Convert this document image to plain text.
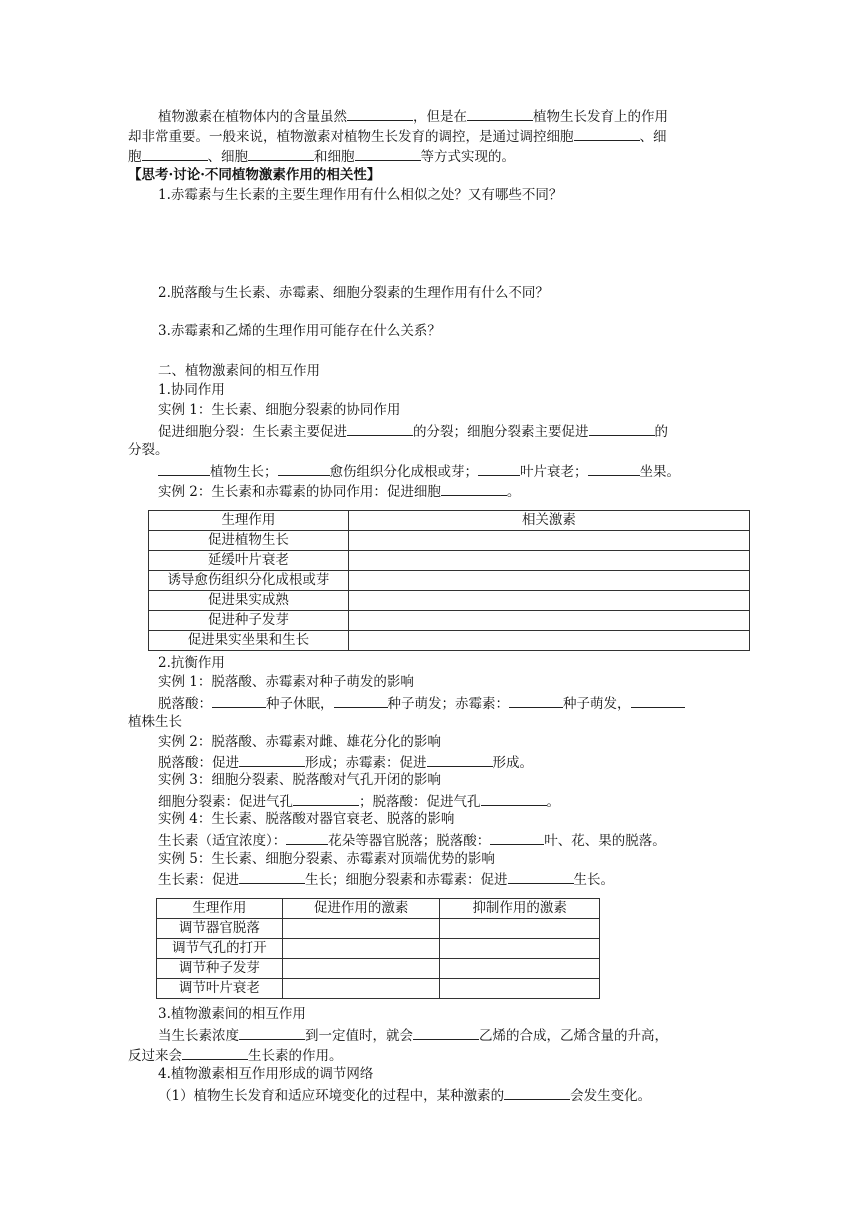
植物激素在植物体内的含量虽然	，但是在	植物生长发育上的作用
却非常重要。一般来说，植物激素对植物生长发育的调控，是通过调控细胞	、细
胞	、细胞	和细胞	等方式实现的。
【思考·讨论·不同植物激素作用的相关性】
1.赤霉素与生长素的主要生理作用有什么相似之处？又有哪些不同？
2.脱落酸与生长素、赤霉素、细胞分裂素的生理作用有什么不同？
3.赤霉素和乙烯的生理作用可能存在什么关系？
二、植物激素间的相互作用
1.协同作用
实例 1：生长素、细胞分裂素的协同作用
促进细胞分裂：生长素主要促进	的分裂；细胞分裂素主要促进	的
分裂。
植物生长；	愈伤组织分化成根或芽；	叶片衰老；	坐果。
实例 2：生长素和赤霉素的协同作用：促进细胞	。
生理作用	相关激素
促进植物生长	
延缓叶片衰老	
诱导愈伤组织分化成根或芽	
促进果实成熟	
促进种子发芽	
促进果实坐果和生长	
2.抗衡作用
实例 1：脱落酸、赤霉素对种子萌发的影响
脱落酸：	种子休眠，	种子萌发；赤霉素：	种子萌发，
植株生长
实例 2：脱落酸、赤霉素对雌、雄花分化的影响
脱落酸：促进	形成；赤霉素：促进	形成。
实例 3：细胞分裂素、脱落酸对气孔开闭的影响
细胞分裂素：促进气孔	；脱落酸：促进气孔	。
实例 4：生长素、脱落酸对器官衰老、脱落的影响
生长素（适宜浓度）：	花朵等器官脱落；脱落酸：	叶、花、果的脱落。
实例 5：生长素、细胞分裂素、赤霉素对顶端优势的影响
生长素：促进	生长；细胞分裂素和赤霉素：促进	生长。
生理作用	促进作用的激素	抑制作用的激素
调节器官脱落		
调节气孔的打开		
调节种子发芽		
调节叶片衰老		
3.植物激素间的相互作用
当生长素浓度	到一定值时，就会	乙烯的合成，乙烯含量的升高，
反过来会	生长素的作用。
4.植物激素相互作用形成的调节网络
（1）植物生长发育和适应环境变化的过程中，某种激素的	会发生变化。
